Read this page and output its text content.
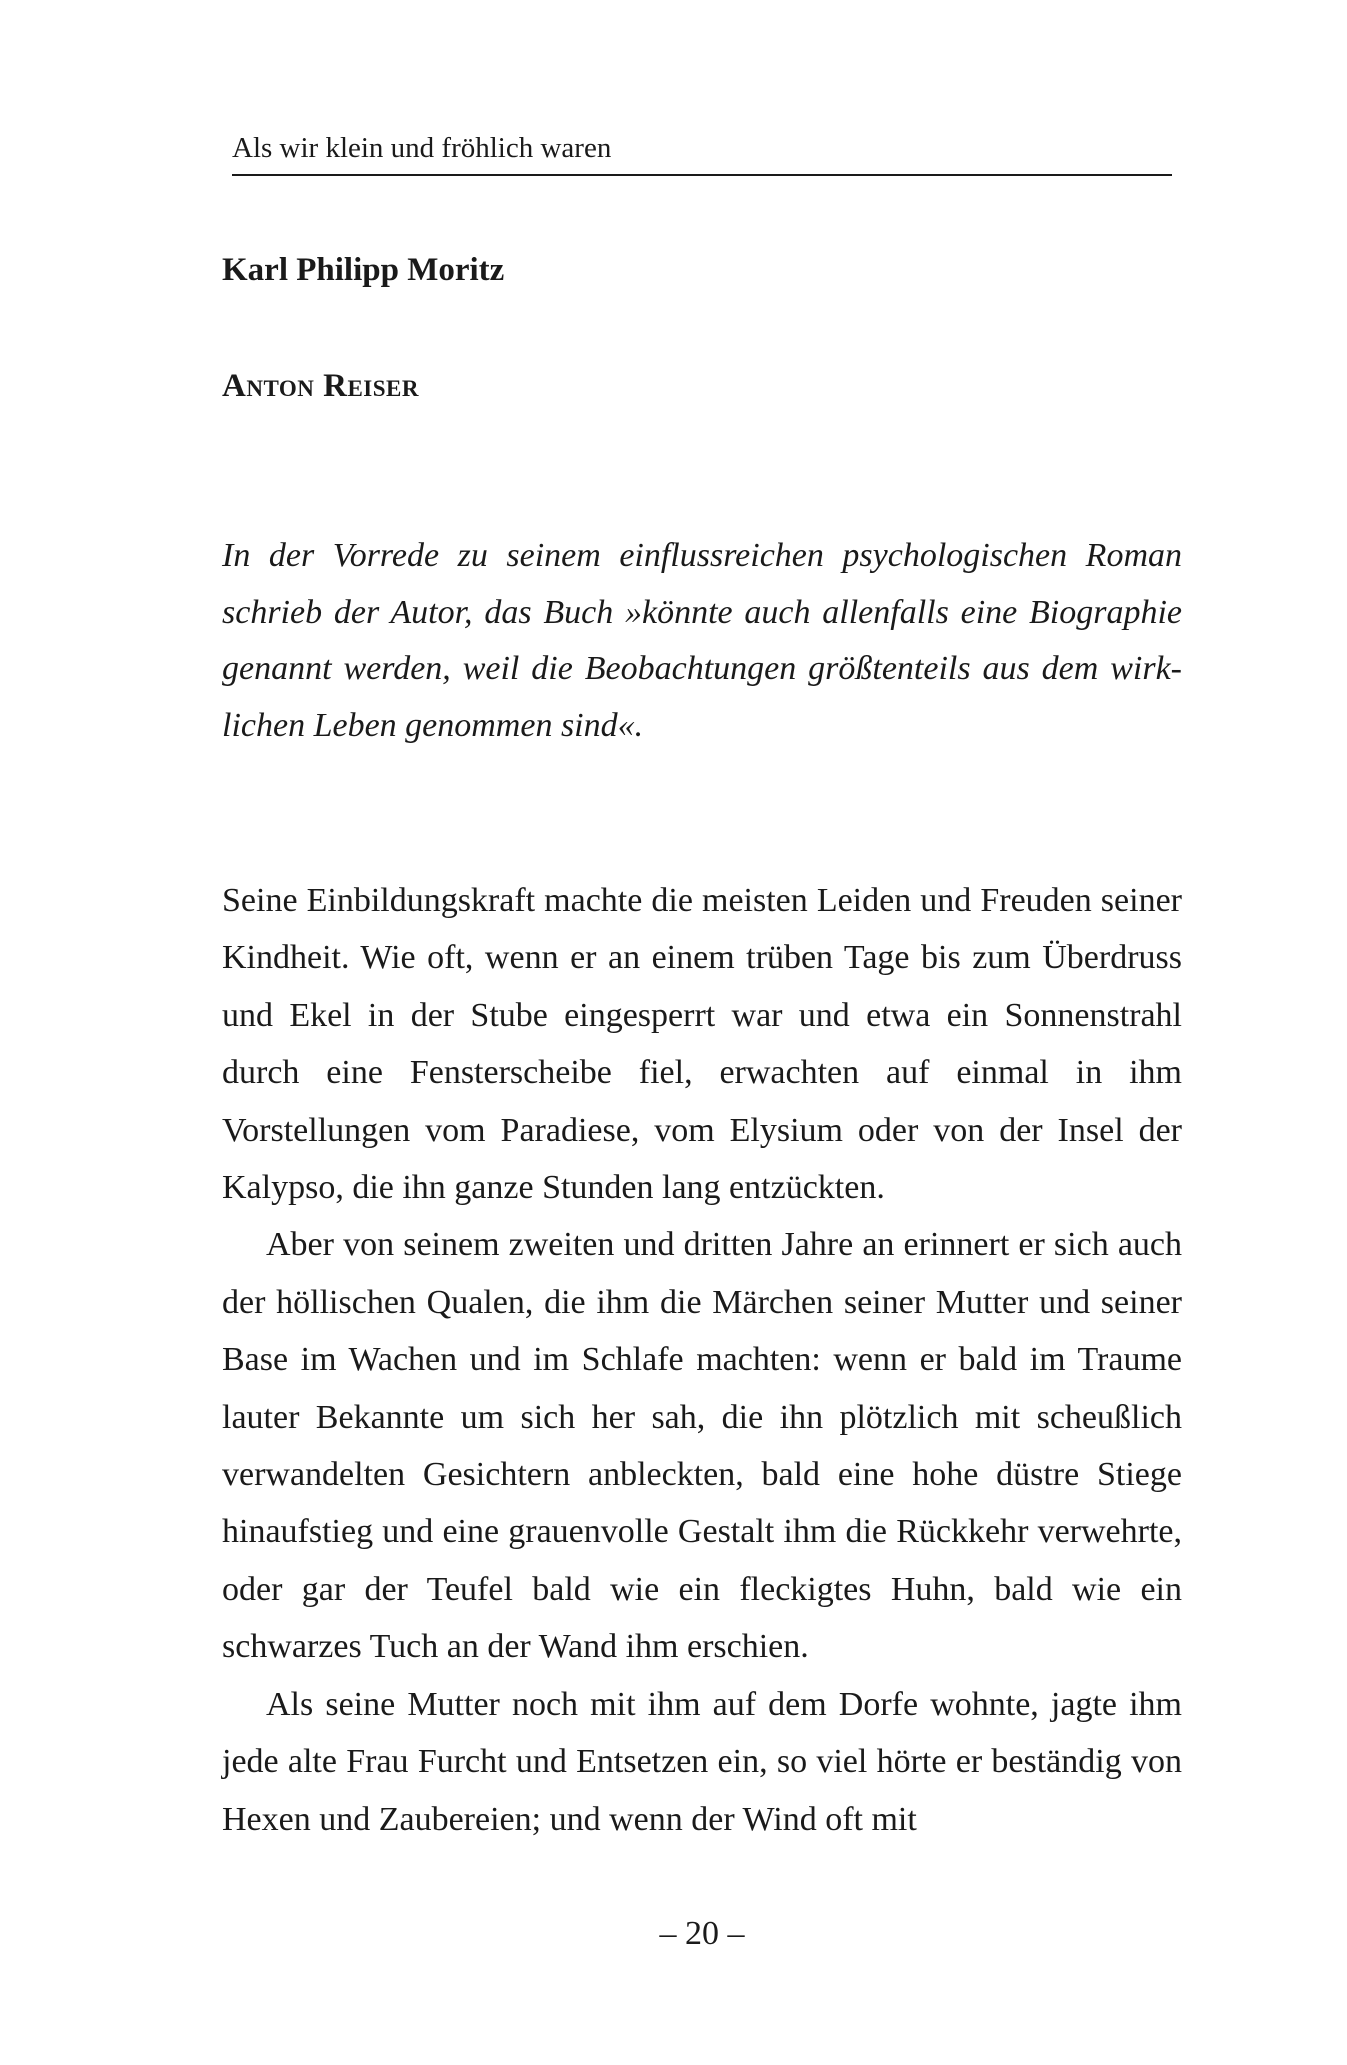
Als wir klein und fröhlich waren
Karl Philipp Moritz
Anton Reiser

In der Vorrede zu seinem einflussreichen psychologischen Roman schrieb der Autor, das Buch »könnte auch allenfalls eine Biographie genannt werden, weil die Beobachtungen größtenteils aus dem wirklichen Leben genommen sind«.

Seine Einbildungskraft machte die meisten Leiden und Freuden seiner Kindheit. Wie oft, wenn er an einem trüben Tage bis zum Überdruss und Ekel in der Stube eingesperrt war und etwa ein Sonnenstrahl durch eine Fensterscheibe fiel, erwachten auf einmal in ihm Vorstellungen vom Paradiese, vom Elysium oder von der Insel der Kalypso, die ihn ganze Stunden lang entzückten.

Aber von seinem zweiten und dritten Jahre an erinnert er sich auch der höllischen Qualen, die ihm die Märchen seiner Mutter und seiner Base im Wachen und im Schlafe machten: wenn er bald im Traume lauter Bekannte um sich her sah, die ihn plötzlich mit scheußlich verwandelten Gesichtern anbleckten, bald eine hohe düstre Stiege hinaufstieg und eine grauenvolle Gestalt ihm die Rückkehr verwehrte, oder gar der Teufel bald wie ein fleckigtes Huhn, bald wie ein schwarzes Tuch an der Wand ihm erschien.

Als seine Mutter noch mit ihm auf dem Dorfe wohnte, jagte ihm jede alte Frau Furcht und Entsetzen ein, so viel hörte er beständig von Hexen und Zaubereien; und wenn der Wind oft mit

– 20 –
